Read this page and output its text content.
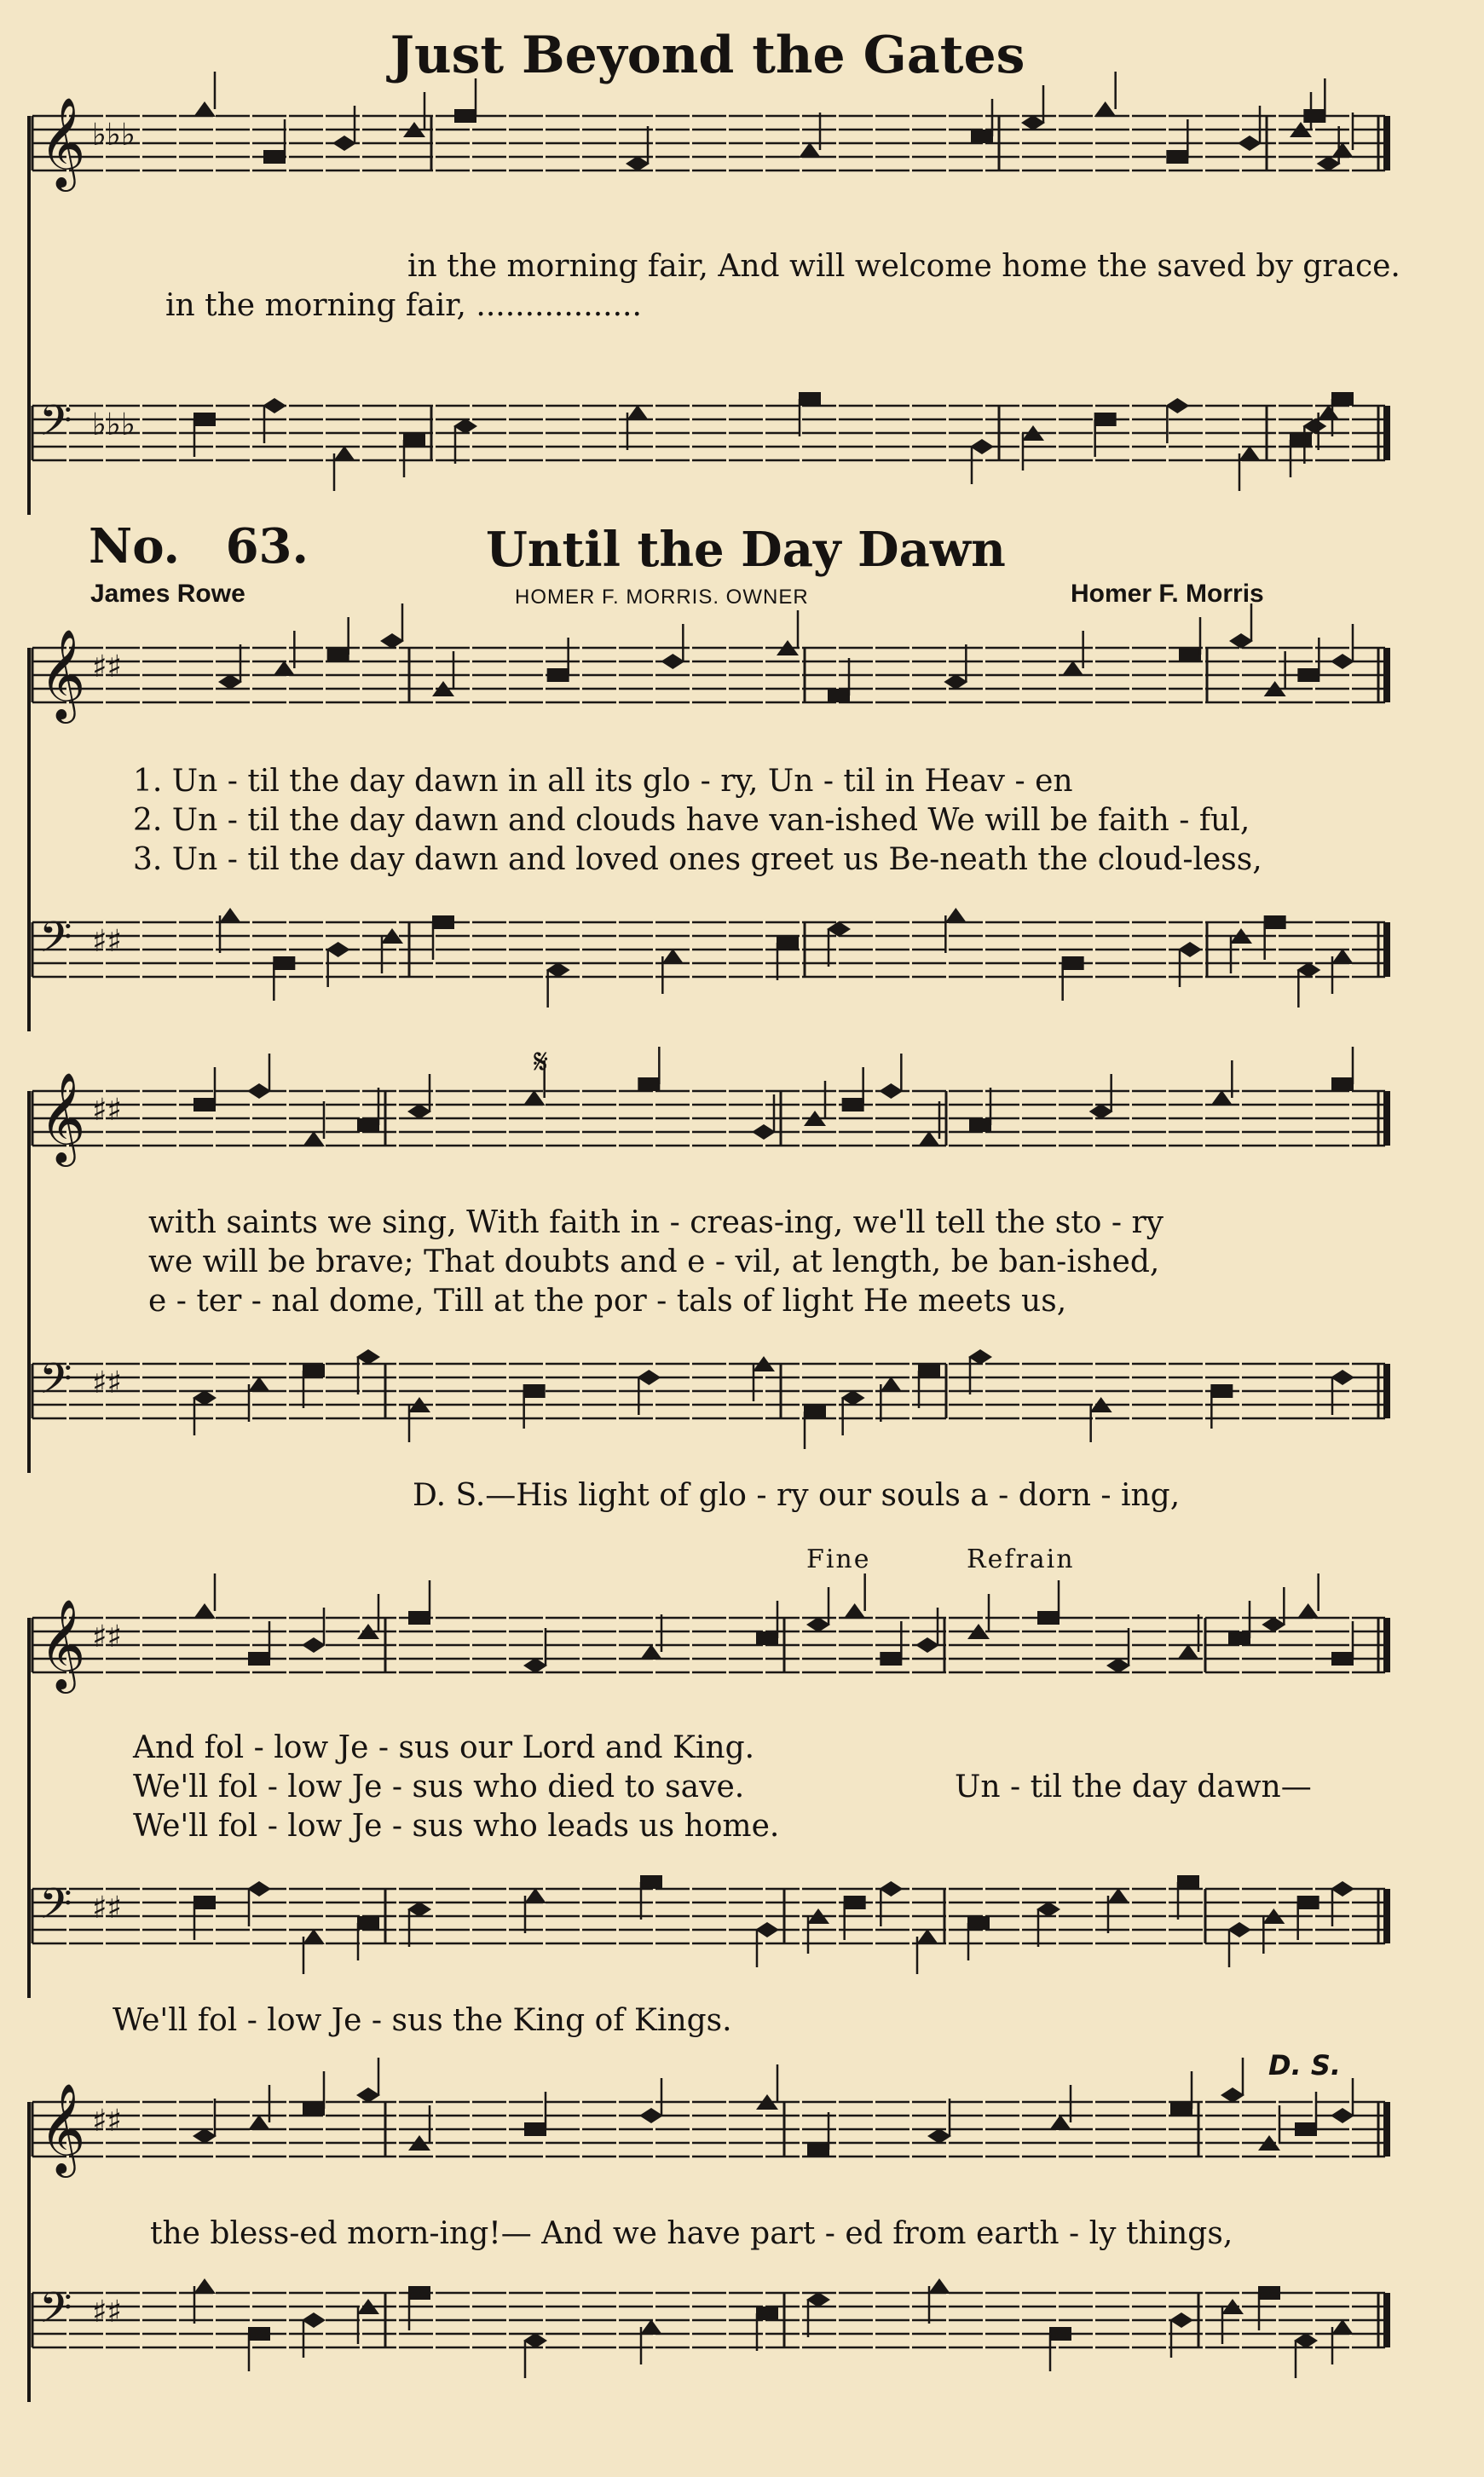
𝄞 ♭♭♭
𝄢 ♭♭♭
𝄞 ♯♯
𝄢 ♯♯
𝄞 ♯♯
𝄢 ♯♯
𝄞 ♯♯
𝄢 ♯♯
𝄞 ♯♯
𝄢 ♯♯
Just Beyond the Gates
in the morning fair, And will welcome home the saved by grace.
in the morning fair, .................
No. 63.	Until the Day Dawn
James Rowe	HOMER F. MORRIS. OWNER	Homer F. Morris
1. Un - til the day dawn in all its glo - ry, Un - til in Heav - en
2. Un - til the day dawn and clouds have van-ished We will be faith - ful,
3. Un - til the day dawn and loved ones greet us Be-neath the cloud-less,
𝄋
with saints we sing, With faith in - creas-ing, we'll tell the sto - ry
we will be brave; That doubts and e - vil, at length, be ban-ished,
e - ter - nal dome, Till at the por - tals of light He meets us,
D. S.—His light of glo - ry our souls a - dorn - ing,
Fine	Refrain
And fol - low Je - sus our Lord and King.
We'll fol - low Je - sus who died to save.	Un - til the day dawn—
We'll fol - low Je - sus who leads us home.
We'll fol - low Je - sus the King of Kings.
D. S.
the bless-ed morn-ing!— And we have part - ed from earth - ly things,
